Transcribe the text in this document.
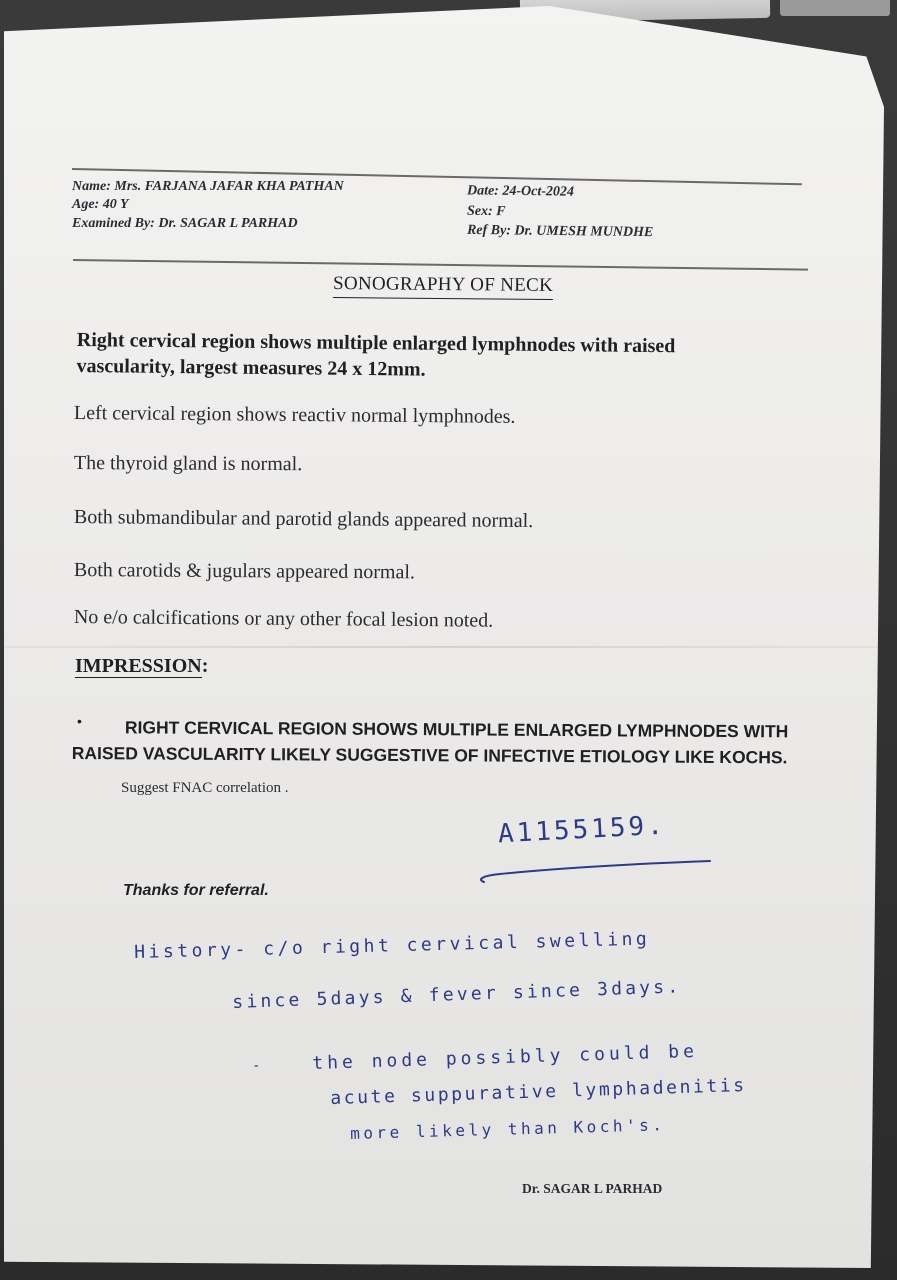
Name: Mrs. FARJANA JAFAR KHA PATHAN
Age: 40 Y
Examined By: Dr. SAGAR L PARHAD
Date: 24-Oct-2024
Sex: F
Ref By: Dr. UMESH MUNDHE
SONOGRAPHY OF NECK
Right cervical region shows multiple enlarged lymphnodes with raised vascularity, largest measures 24 x 12mm.
Left cervical region shows reactiv normal lymphnodes.
The thyroid gland is normal.
Both submandibular and parotid glands appeared normal.
Both carotids & jugulars appeared normal.
No e/o calcifications or any other focal lesion noted.
IMPRESSION:
•	RIGHT CERVICAL REGION SHOWS MULTIPLE ENLARGED LYMPHNODES WITH RAISED VASCULARITY LIKELY SUGGESTIVE OF INFECTIVE ETIOLOGY LIKE KOCHS.
Suggest FNAC correlation .
A1155159.
Thanks for referral.
History- c/o right cervical swelling
since 5days & fever since 3days.
-	the node possibly could be
acute suppurative lymphadenitis
more likely than Koch's.
Dr. SAGAR L PARHAD
